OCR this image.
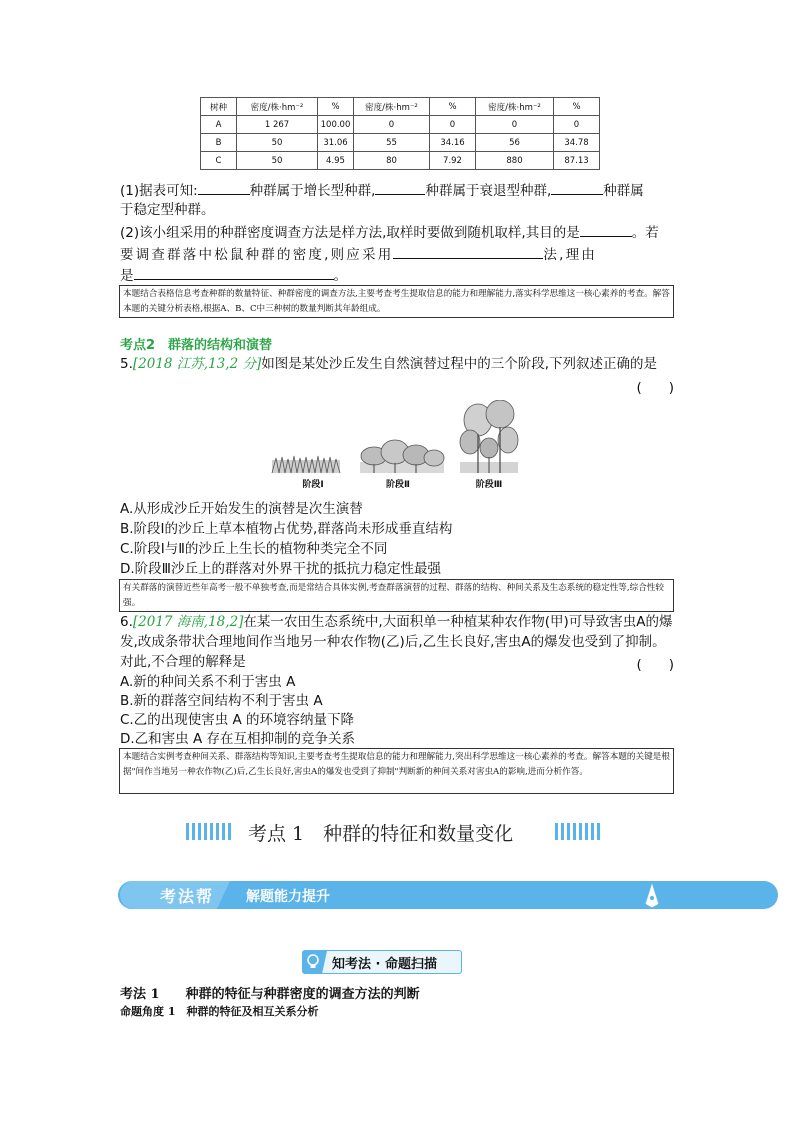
树种	密度/株·hm⁻²	%	密度/株·hm⁻²	%	密度/株·hm⁻²	%
A	1 267	100.00	0	0	0	0
B	50	31.06	55	34.16	56	34.78
C	50	4.95	80	7.92	880	87.13
(1)据表可知:	种群属于增长型种群,	种群属于衰退型种群,	种群属
于稳定型种群。
(2)该小组采用的种群密度调查方法是样方法,取样时要做到随机取样,其目的是	。若
要调查群落中松鼠种群的密度,则应采用	法,理由
是	。
本题结合表格信息考查种群的数量特征、种群密度的调查方法,主要考查考生提取信息的能力和理解能力,落实科学思维这一核心素养的考查。解答本题的关键分析表格,根据A、B、C中三种树的数量判断其年龄组成。
考点2　群落的结构和演替
5.[2018 江苏,13,2 分]如图是某处沙丘发生自然演替过程中的三个阶段,下列叙述正确的是
(　　)
阶段Ⅰ	阶段Ⅱ	阶段Ⅲ
A.从形成沙丘开始发生的演替是次生演替
B.阶段Ⅰ的沙丘上草本植物占优势,群落尚未形成垂直结构
C.阶段Ⅰ与Ⅱ的沙丘上生长的植物种类完全不同
D.阶段Ⅲ沙丘上的群落对外界干扰的抵抗力稳定性最强
有关群落的演替近些年高考一般不单独考查,而是常结合具体实例,考查群落演替的过程、群落的结构、种间关系及生态系统的稳定性等,综合性较强。
6.[2017 海南,18,2]在某一农田生态系统中,大面积单一种植某种农作物(甲)可导致害虫A的爆
发,改成条带状合理地间作当地另一种农作物(乙)后,乙生长良好,害虫A的爆发也受到了抑制。
对此,不合理的解释是	(　　)
A.新的种间关系不利于害虫 A
B.新的群落空间结构不利于害虫 A
C.乙的出现使害虫 A 的环境容纳量下降
D.乙和害虫 A 存在互相抑制的竞争关系
本题结合实例考查种间关系、群落结构等知识,主要考查考生提取信息的能力和理解能力,突出科学思维这一核心素养的考查。解答本题的关键是根据"间作当地另一种农作物(乙)后,乙生长良好,害虫A的爆发也受到了抑制"判断新的种间关系对害虫A的影响,进而分析作答。
考点 1　种群的特征和数量变化
考法帮 解题能力提升
知考法 · 命题扫描
考法 1　　种群的特征与种群密度的调查方法的判断
命题角度 1　种群的特征及相互关系分析
